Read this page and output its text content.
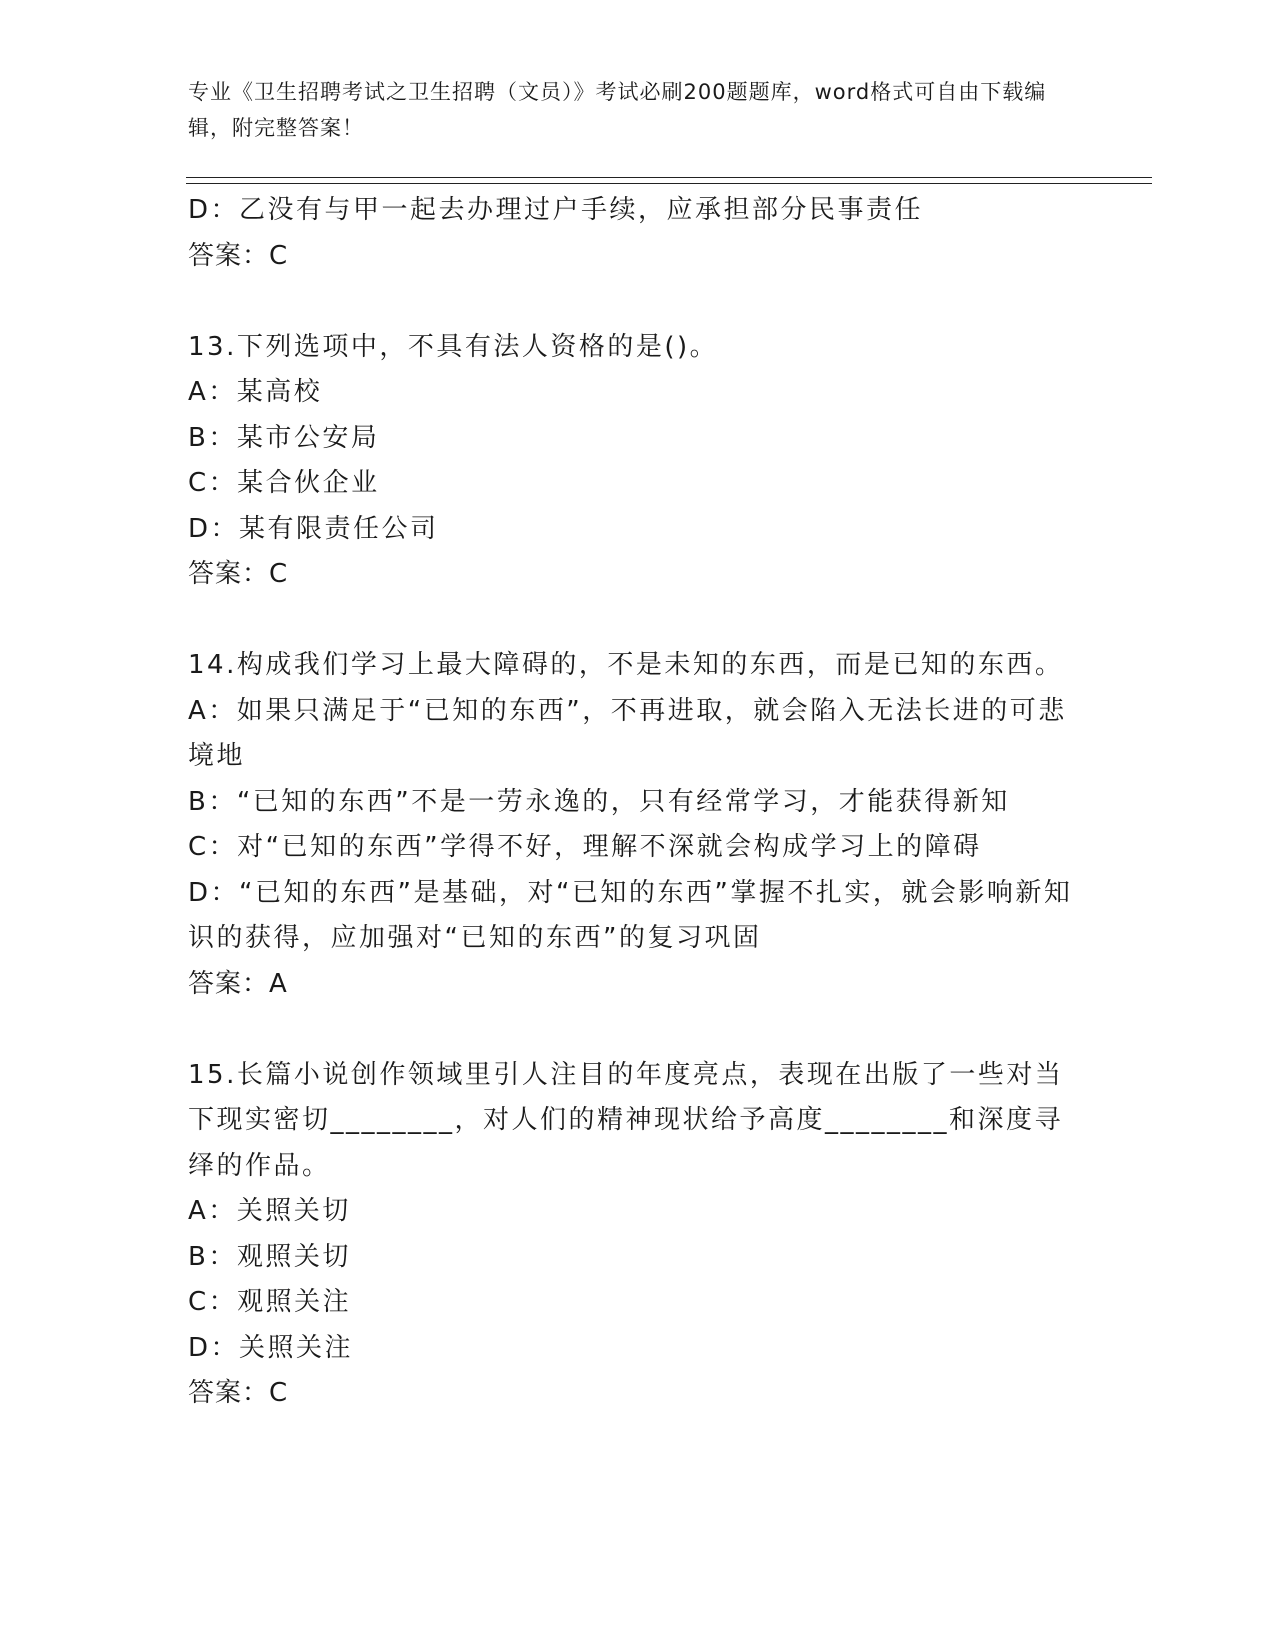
专业《卫生招聘考试之卫生招聘（文员）》考试必刷200题题库，word格式可自由下载编辑，附完整答案！
D：乙没有与甲一起去办理过户手续，应承担部分民事责任
答案：C
13.下列选项中，不具有法人资格的是()。
A：某高校
B：某市公安局
C：某合伙企业
D：某有限责任公司
答案：C
14.构成我们学习上最大障碍的，不是未知的东西，而是已知的东西。
A：如果只满足于“已知的东西”，不再进取，就会陷入无法长进的可悲境地
B：“已知的东西”不是一劳永逸的，只有经常学习，才能获得新知
C：对“已知的东西”学得不好，理解不深就会构成学习上的障碍
D：“已知的东西”是基础，对“已知的东西”掌握不扎实，就会影响新知识的获得，应加强对“已知的东西”的复习巩固
答案：A
15.长篇小说创作领域里引人注目的年度亮点，表现在出版了一些对当下现实密切________，对人们的精神现状给予高度________和深度寻绎的作品。
A：关照关切
B：观照关切
C：观照关注
D：关照关注
答案：C
